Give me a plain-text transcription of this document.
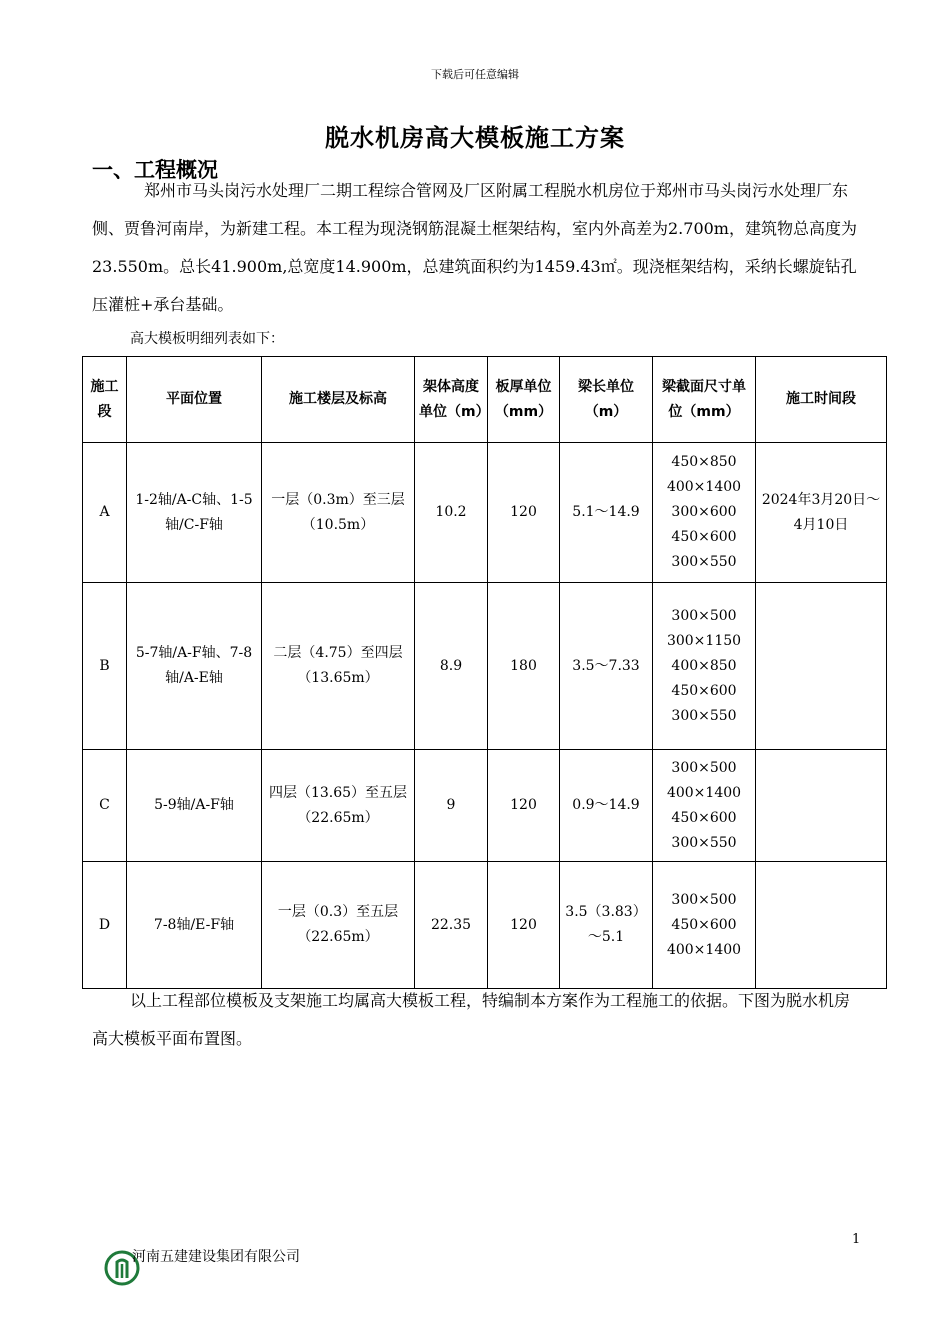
下载后可任意编辑
脱水机房高大模板施工方案
一、工程概况
郑州市马头岗污水处理厂二期工程综合管网及厂区附属工程脱水机房位于郑州市马头岗污水处理厂东侧、贾鲁河南岸，为新建工程。本工程为现浇钢筋混凝土框架结构，室内外高差为2.700m，建筑物总高度为23.550m。总长41.900m,总宽度14.900m，总建筑面积约为1459.43㎡。现浇框架结构，采纳长螺旋钻孔压灌桩+承台基础。
高大模板明细列表如下：
施工段	平面位置	施工楼层及标高	架体高度单位（m）	板厚单位（mm）	梁长单位（m）	梁截面尺寸单位（mm）	施工时间段
A	1-2轴/A-C轴、1-5轴/C-F轴	一层（0.3m）至三层（10.5m）	10.2	120	5.1～14.9	450×850
400×1400
300×600
450×600
300×550	2024年3月20日～4月10日
B	5-7轴/A-F轴、7-8轴/A-E轴	二层（4.75）至四层（13.65m）	8.9	180	3.5～7.33	300×500
300×1150
400×850
450×600
300×550	

C	5-9轴/A-F轴	四层（13.65）至五层（22.65m）	9	120	0.9～14.9	300×500
400×1400
450×600
300×550	

D	7-8轴/E-F轴	一层（0.3）至五层（22.65m）	22.35	120	3.5（3.83）～5.1	300×500
450×600
400×1400	

以上工程部位模板及支架施工均属高大模板工程，特编制本方案作为工程施工的依据。下图为脱水机房高大模板平面布置图。
河南五建建设集团有限公司
1
